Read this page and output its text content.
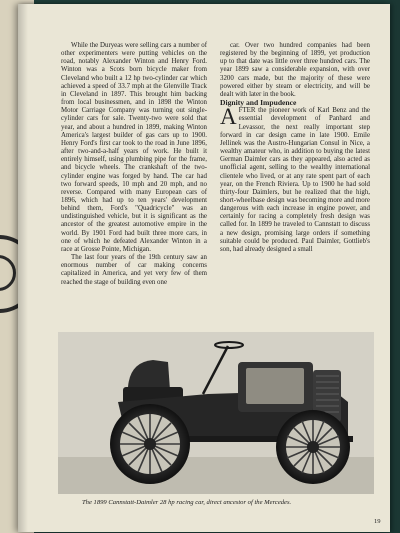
While the Duryeas were selling cars a number of other experimenters were putting vehicles on the road, notably Alexander Winton and Henry Ford. Winton was a Scots born bicycle maker from Cleveland who built a 12 hp two-cylinder car which achieved a speed of 33.7 mph at the Glenville Track in Cleveland in 1897. This brought him backing from local businessmen, and in 1898 the Winton Motor Carriage Company was turning out single-cylinder cars for sale. Twenty-two were sold that year, and about a hundred in 1899, making Winton America's largest builder of gas cars up to 1900. Henry Ford's first car took to the road in June 1896, after two-and-a-half years of work. He built it entirely himself, using plumbing pipe for the frame, and bicycle wheels. The crankshaft of the two-cylinder engine was forged by hand. The car had two forward speeds, 10 mph and 20 mph, and no reverse. Compared with many European cars of 1896, which had up to ten years' development behind them, Ford's "Quadricycle" was an undistinguished vehicle, but it is significant as the ancestor of the greatest automotive empire in the world. By 1901 Ford had built three more cars, in one of which he defeated Alexander Winton in a race at Grosse Pointe, Michigan.

The last four years of the 19th century saw an enormous number of car making concerns capitalized in America, and yet very few of them reached the stage of building even one

car. Over two hundred companies had been registered by the beginning of 1899, yet production up to that date was little over three hundred cars. The year 1899 saw a considerable expansion, with over 3200 cars made, but the majority of these were powered either by steam or electricity, and will be dealt with later in the book.

Dignity and Impudence

AFTER the pioneer work of Karl Benz and the essential development of Panhard and Levassor, the next really important step forward in car design came in late 1900. Emile Jellinek was the Austro-Hungarian Consul in Nice, a wealthy amateur who, in addition to buying the latest German Daimler cars as they appeared, also acted as unofficial agent, selling to the wealthy international clientele who lived, or at any rate spent part of each year, on the French Riviera. Up to 1900 he had sold thirty-four Daimlers, but he realized that the high, short-wheelbase design was becoming more and more dangerous with each increase in engine power, and certainly for racing a completely fresh design was called for. In 1899 he traveled to Cannstatt to discuss a new design, promising large orders if something suitable could be produced. Paul Daimler, Gottlieb's son, had already designed a small

The 1899 Cannstatt-Daimler 28 hp racing car, direct ancestor of the Mercedes.
19
